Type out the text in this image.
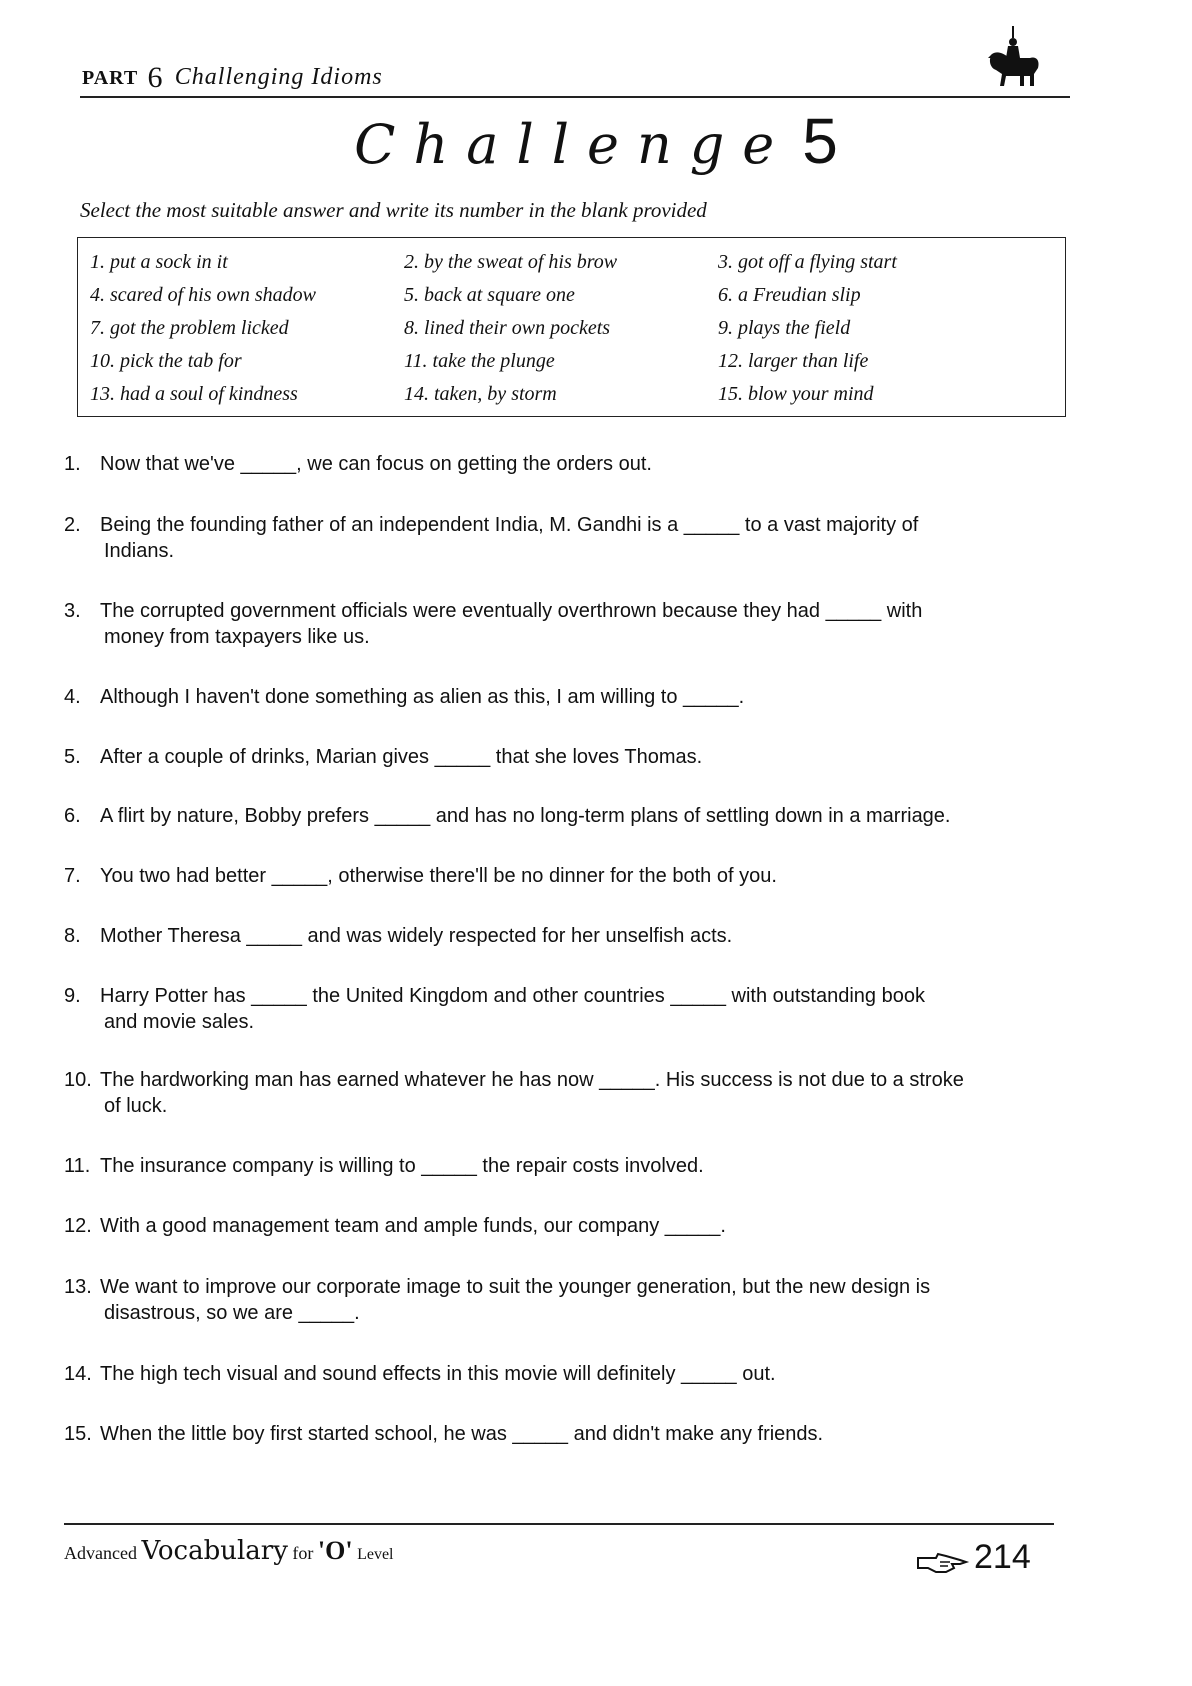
PART 6 Challenging Idioms
Challenge 5
Select the most suitable answer and write its number in the blank provided
1. put a sock in it	2. by the sweat of his brow	3. got off a flying start
4. scared of his own shadow	5. back at square one	6. a Freudian slip
7. got the problem licked	8. lined their own pockets	9. plays the field
10. pick the tab for	11. take the plunge	12. larger than life
13. had a soul of kindness	14. taken, by storm	15. blow your mind
1. Now that we've _____, we can focus on getting the orders out.
2. Being the founding father of an independent India, M. Gandhi is a _____ to a vast majority of
Indians.
3. The corrupted government officials were eventually overthrown because they had _____ with
money from taxpayers like us.
4. Although I haven't done something as alien as this, I am willing to _____.
5. After a couple of drinks, Marian gives _____ that she loves Thomas.
6. A flirt by nature, Bobby prefers _____ and has no long-term plans of settling down in a marriage.
7. You two had better _____, otherwise there'll be no dinner for the both of you.
8. Mother Theresa _____ and was widely respected for her unselfish acts.
9. Harry Potter has _____ the United Kingdom and other countries _____ with outstanding book
and movie sales.
10. The hardworking man has earned whatever he has now _____. His success is not due to a stroke
of luck.
11. The insurance company is willing to _____ the repair costs involved.
12. With a good management team and ample funds, our company _____.
13. We want to improve our corporate image to suit the younger generation, but the new design is
disastrous, so we are _____.
14. The high tech visual and sound effects in this movie will definitely _____ out.
15. When the little boy first started school, he was _____ and didn't make any friends.
Advanced Vocabulary for 'O' Level	214
